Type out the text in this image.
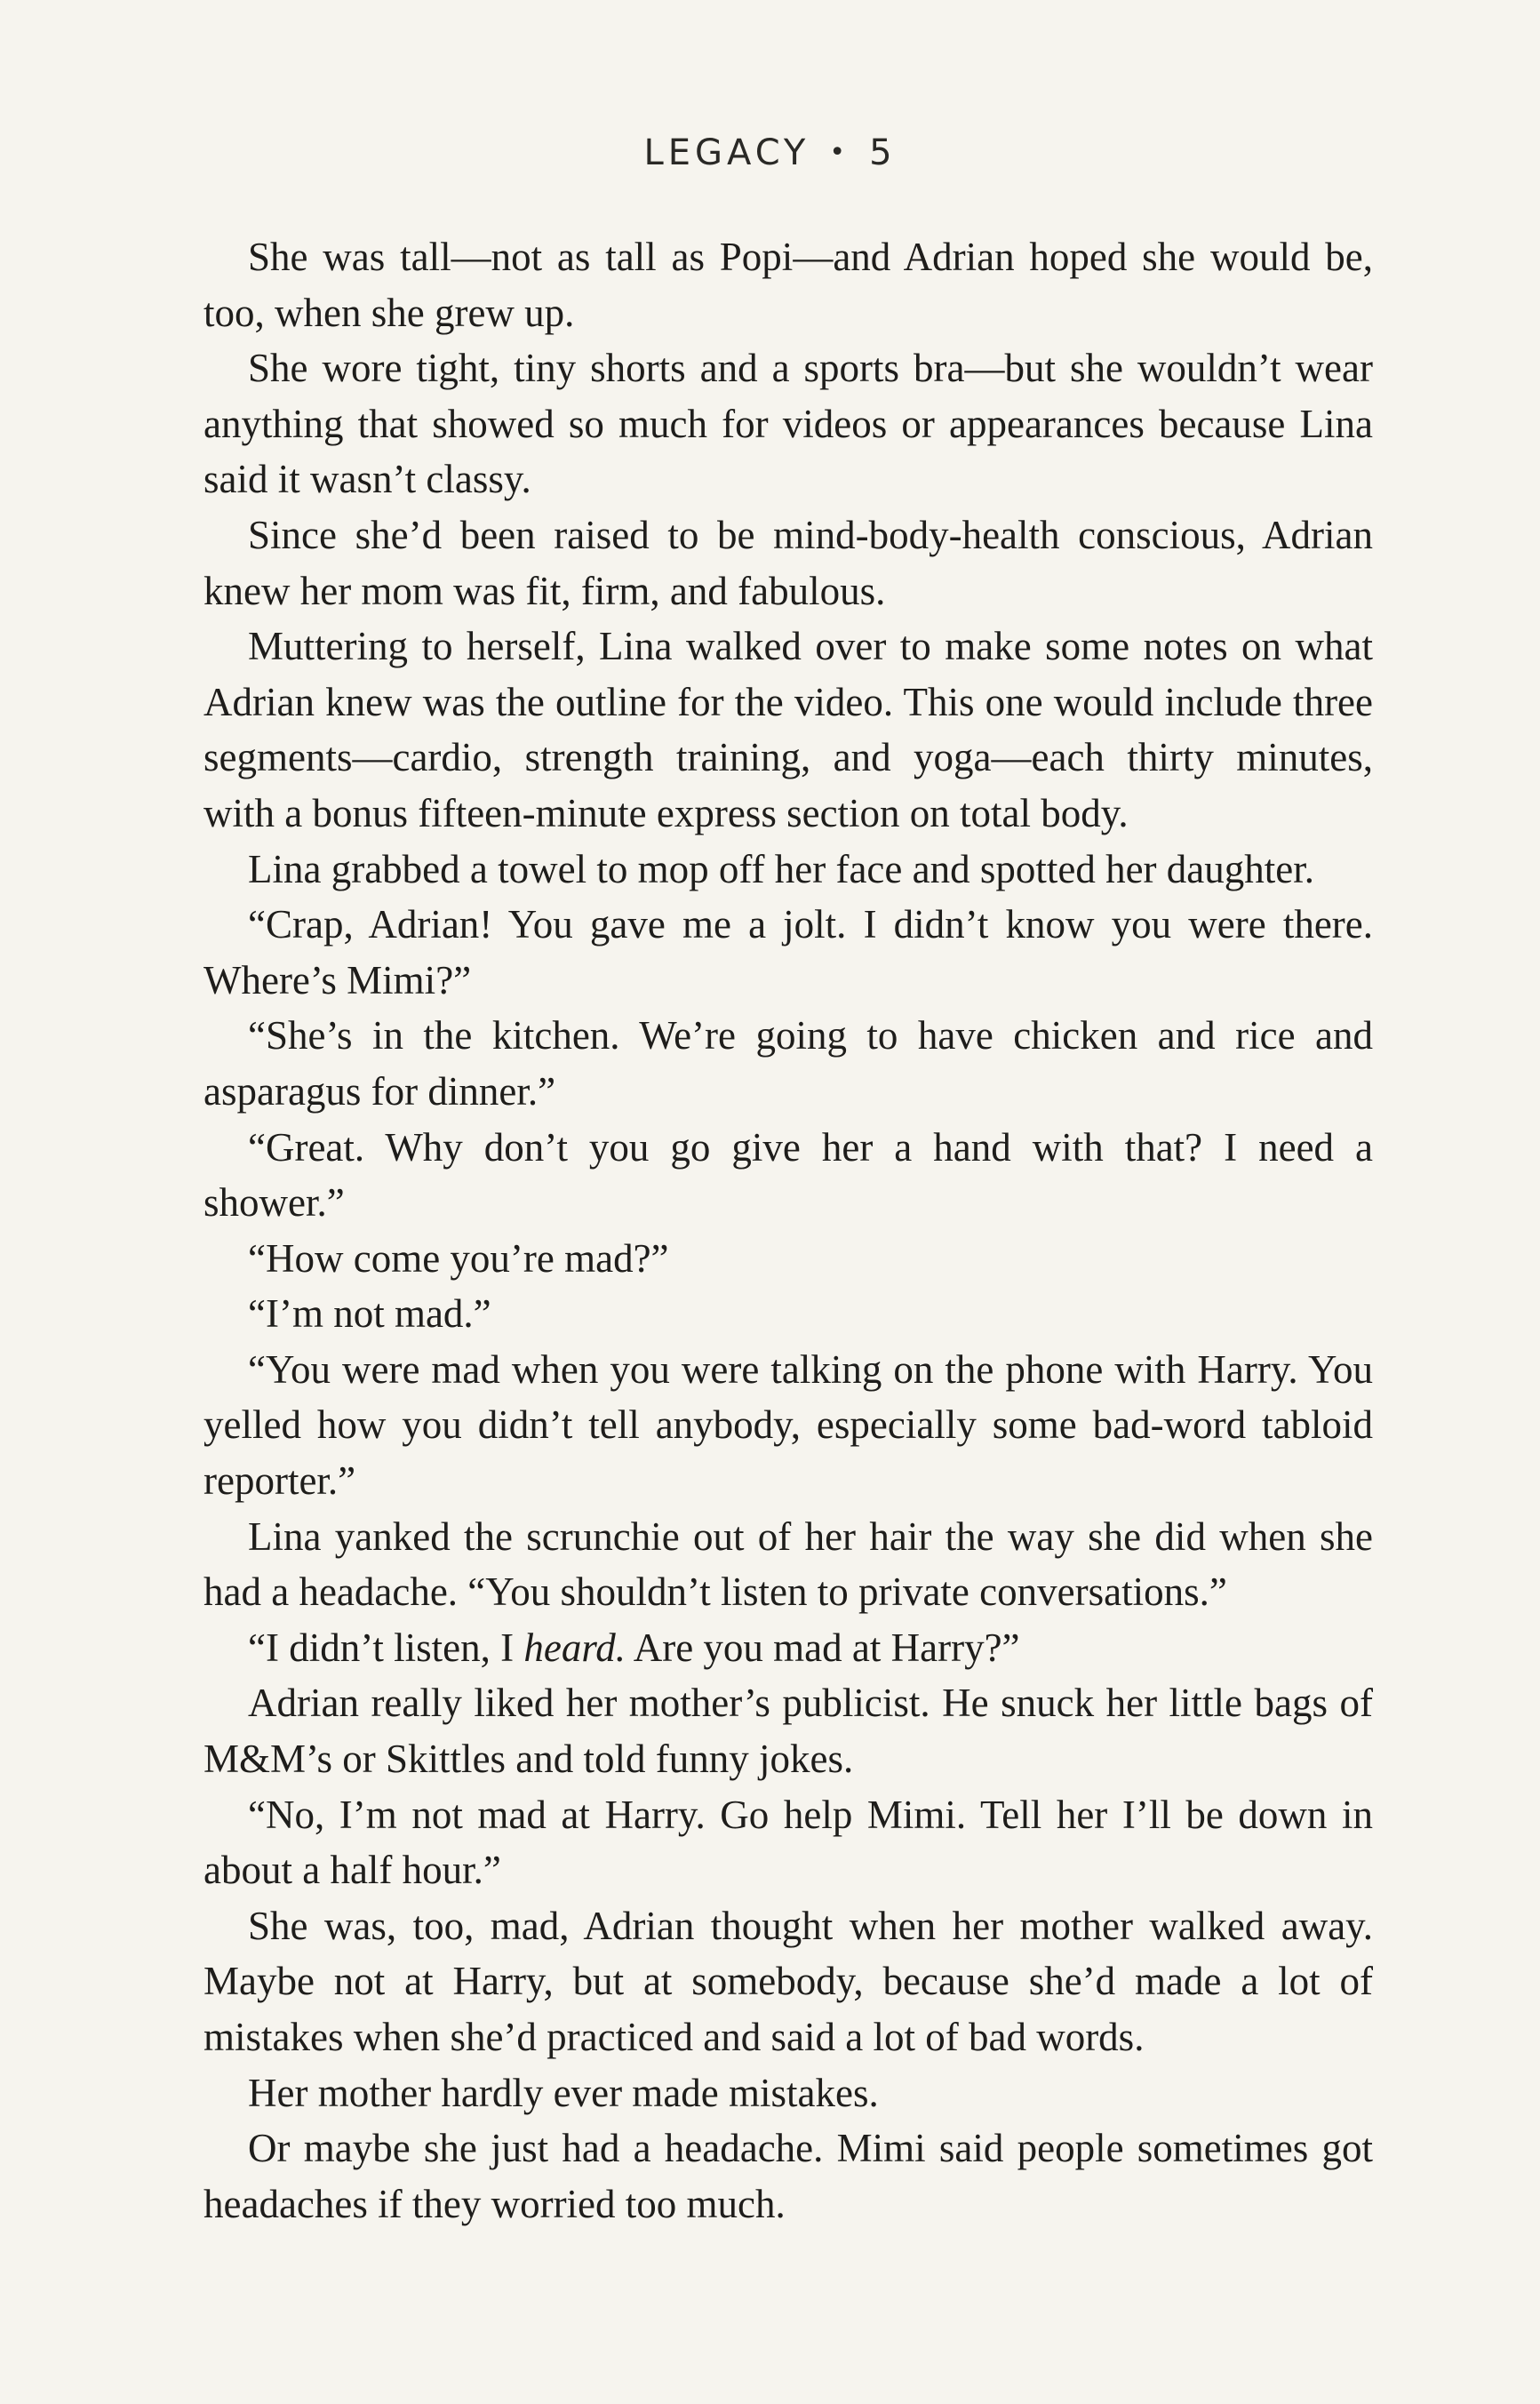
LEGACY • 5

She was tall—not as tall as Popi—and Adrian hoped she would be, too, when she grew up.

She wore tight, tiny shorts and a sports bra—but she wouldn’t wear anything that showed so much for videos or appearances because Lina said it wasn’t classy.

Since she’d been raised to be mind-body-health conscious, Adrian knew her mom was fit, firm, and fabulous.

Muttering to herself, Lina walked over to make some notes on what Adrian knew was the outline for the video. This one would include three segments—cardio, strength training, and yoga—each thirty minutes, with a bonus fifteen-minute express section on total body.

Lina grabbed a towel to mop off her face and spotted her daughter.

“Crap, Adrian! You gave me a jolt. I didn’t know you were there. Where’s Mimi?”

“She’s in the kitchen. We’re going to have chicken and rice and asparagus for dinner.”

“Great. Why don’t you go give her a hand with that? I need a shower.”

“How come you’re mad?”

“I’m not mad.”

“You were mad when you were talking on the phone with Harry. You yelled how you didn’t tell anybody, especially some bad-word tabloid reporter.”

Lina yanked the scrunchie out of her hair the way she did when she had a headache. “You shouldn’t listen to private conversations.”

“I didn’t listen, I heard. Are you mad at Harry?”

Adrian really liked her mother’s publicist. He snuck her little bags of M&M’s or Skittles and told funny jokes.

“No, I’m not mad at Harry. Go help Mimi. Tell her I’ll be down in about a half hour.”

She was, too, mad, Adrian thought when her mother walked away. Maybe not at Harry, but at somebody, because she’d made a lot of mistakes when she’d practiced and said a lot of bad words.

Her mother hardly ever made mistakes.

Or maybe she just had a headache. Mimi said people sometimes got headaches if they worried too much.
